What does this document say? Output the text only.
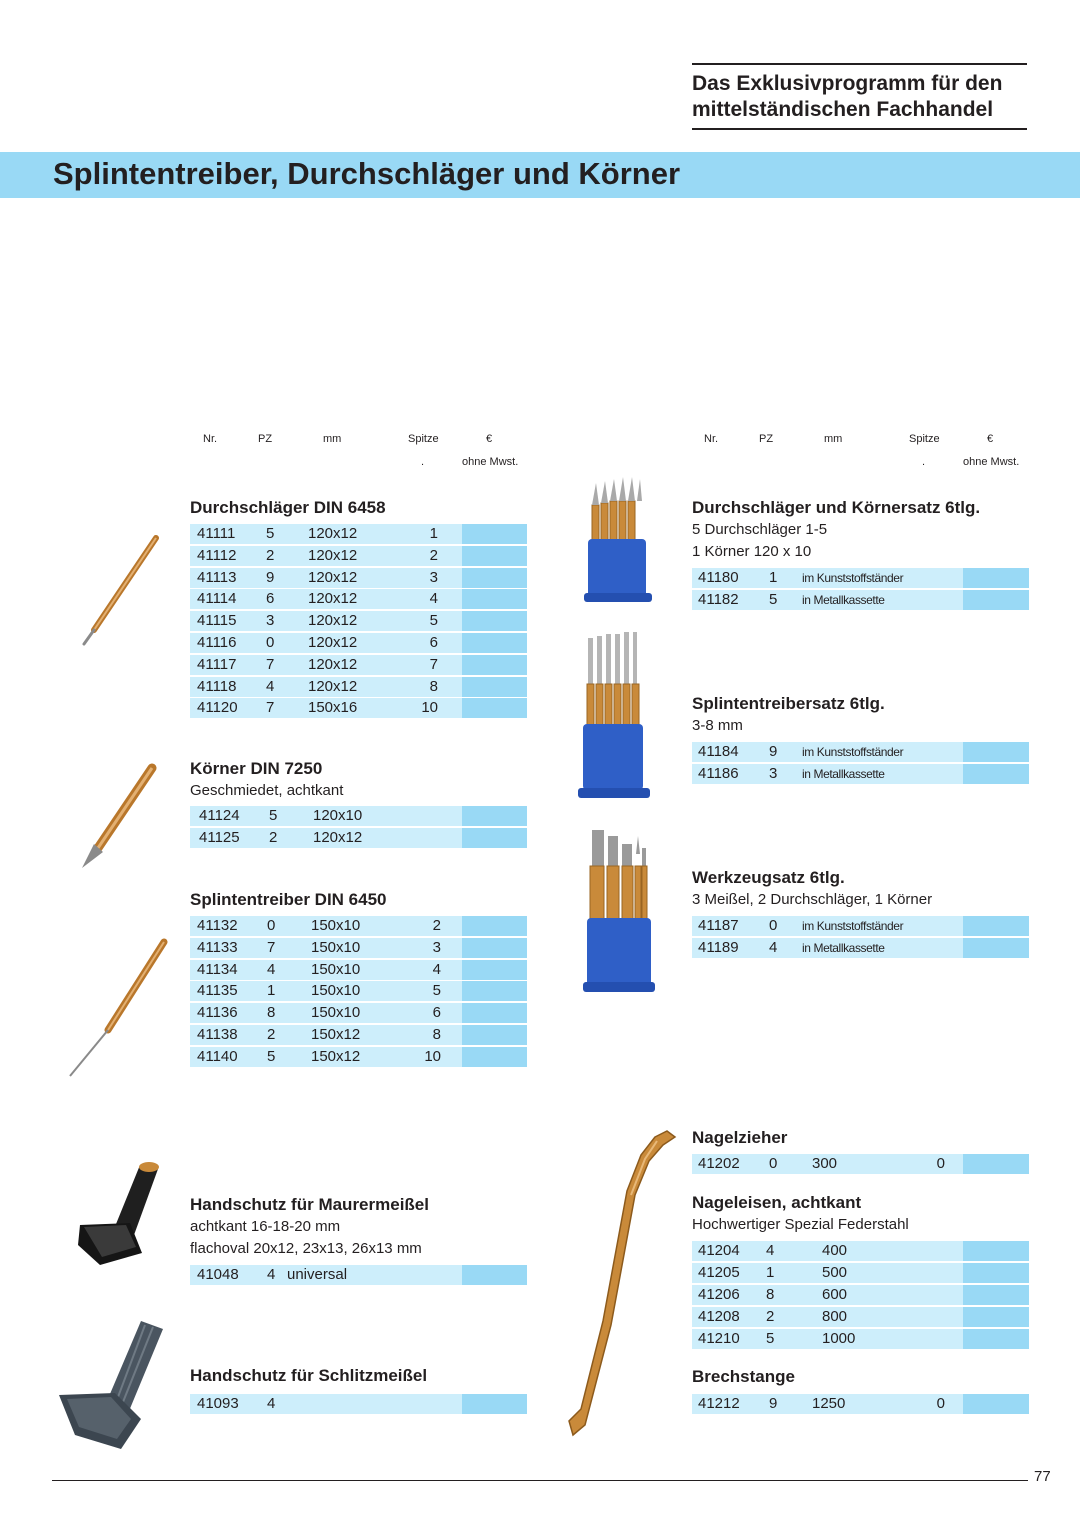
Das Exklusivprogramm für den
mittelständischen Fachhandel
Splintentreiber, Durchschläger und Körner
Nr.	PZ	mm	Spitze	€
.	ohne Mwst.
Nr.	PZ	mm	Spitze	€
.	ohne Mwst.
Durchschläger DIN 6458
41111 5 120x12	1
41112 2 120x12	2
41113 9 120x12	3
41114 6 120x12	4
41115 3 120x12	5
41116 0 120x12	6
41117 7 120x12	7
41118 4 120x12	8
41120 7 150x16	10
Körner DIN 7250
Geschmiedet, achtkant
41124 5 120x10
41125 2 120x12
Splintentreiber DIN 6450
41132 0 150x10	2
41133 7 150x10	3
41134 4 150x10	4
41135 1 150x10	5
41136 8 150x10	6
41138 2 150x12	8
41140 5 150x12	10
Handschutz für Maurermeißel
achtkant 16-18-20 mm
flachoval 20x12, 23x13, 26x13 mm
41048 4 universal
Handschutz für Schlitzmeißel
41093 4
Durchschläger und Körnersatz 6tlg.
5 Durchschläger 1-5
1 Körner 120 x 10
41180 1 im Kunststoffständer
41182 5 in Metallkassette
Splintentreibersatz 6tlg.
3-8 mm
41184 9 im Kunststoffständer
41186 3 in Metallkassette
Werkzeugsatz 6tlg.
3 Meißel, 2 Durchschläger, 1 Körner
41187 0 im Kunststoffständer
41189 4 in Metallkassette
Nagelzieher
41202 0 300	0
Nageleisen, achtkant
Hochwertiger Spezial Federstahl
41204 4	400
41205 1	500
41206 8	600
41208 2	800
41210 5	1000
Brechstange
41212 9 1250	0
77
